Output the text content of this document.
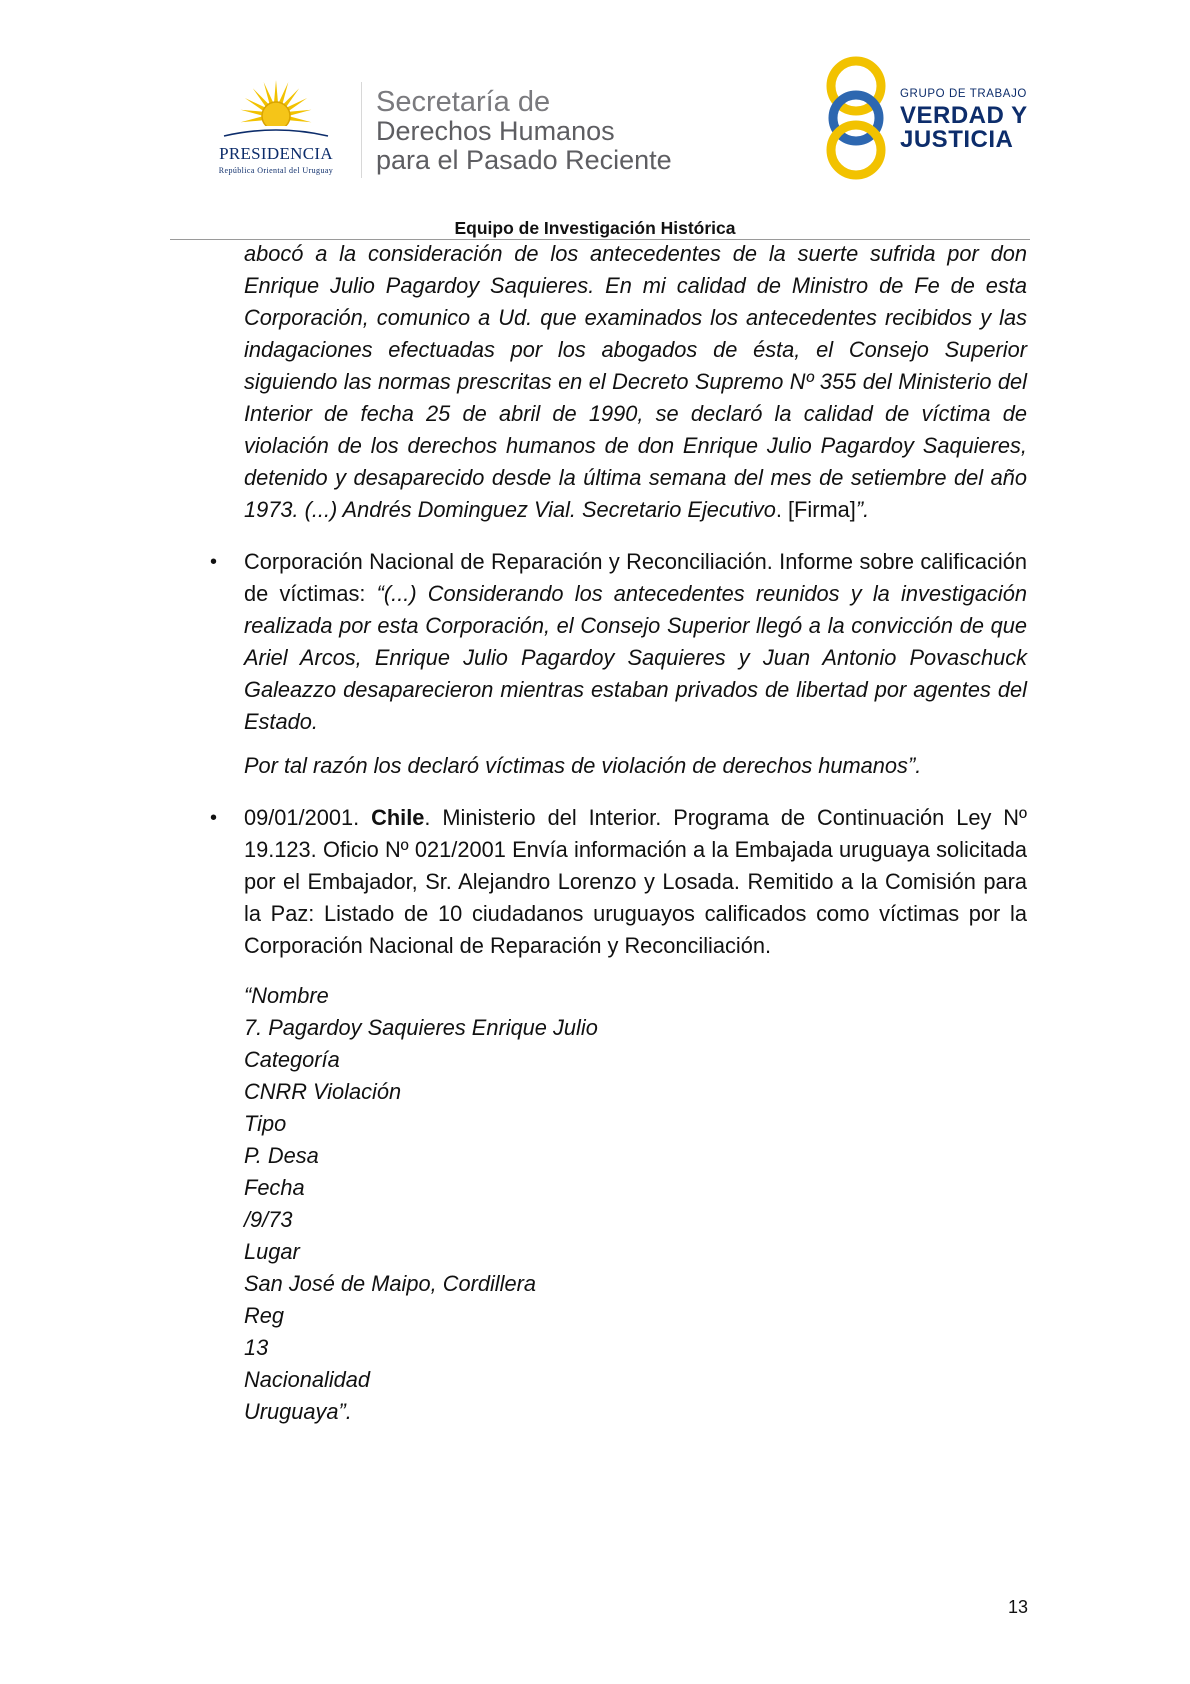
PRESIDENCIA
República Oriental del Uruguay
Secretaría de
Derechos Humanos
para el Pasado Reciente
GRUPO DE TRABAJO
VERDAD Y
JUSTICIA
Equipo de Investigación Histórica

abocó a la consideración de los antecedentes de la suerte sufrida por don Enrique Julio Pagardoy Saquieres. En mi calidad de Ministro de Fe de esta Corporación, comunico a Ud. que examinados los antecedentes recibidos y las indagaciones efectuadas por los abogados de ésta, el Consejo Superior siguiendo las normas prescritas en el Decreto Supremo Nº 355 del Ministerio del Interior de fecha 25 de abril de 1990, se declaró la calidad de víctima de violación de los derechos humanos de don Enrique Julio Pagardoy Saquieres, detenido y desaparecido desde la última semana del mes de setiembre del año 1973. (...) Andrés Dominguez Vial. Secretario Ejecutivo. [Firma]”.

• Corporación Nacional de Reparación y Reconciliación. Informe sobre calificación de víctimas: “(...) Considerando los antecedentes reunidos y la investigación realizada por esta Corporación, el Consejo Superior llegó a la convicción de que Ariel Arcos, Enrique Julio Pagardoy Saquieres y Juan Antonio Povaschuck Galeazzo desaparecieron mientras estaban privados de libertad por agentes del Estado.

Por tal razón los declaró víctimas de violación de derechos humanos”.

• 09/01/2001. Chile. Ministerio del Interior. Programa de Continuación Ley Nº 19.123. Oficio Nº 021/2001 Envía información a la Embajada uruguaya solicitada por el Embajador, Sr. Alejandro Lorenzo y Losada. Remitido a la Comisión para la Paz: Listado de 10 ciudadanos uruguayos calificados como víctimas por la Corporación Nacional de Reparación y Reconciliación.

“Nombre

7. Pagardoy Saquieres Enrique Julio

Categoría

CNRR Violación

Tipo

P. Desa

Fecha

/9/73

Lugar

San José de Maipo, Cordillera

Reg

13

Nacionalidad

Uruguaya”.

13
